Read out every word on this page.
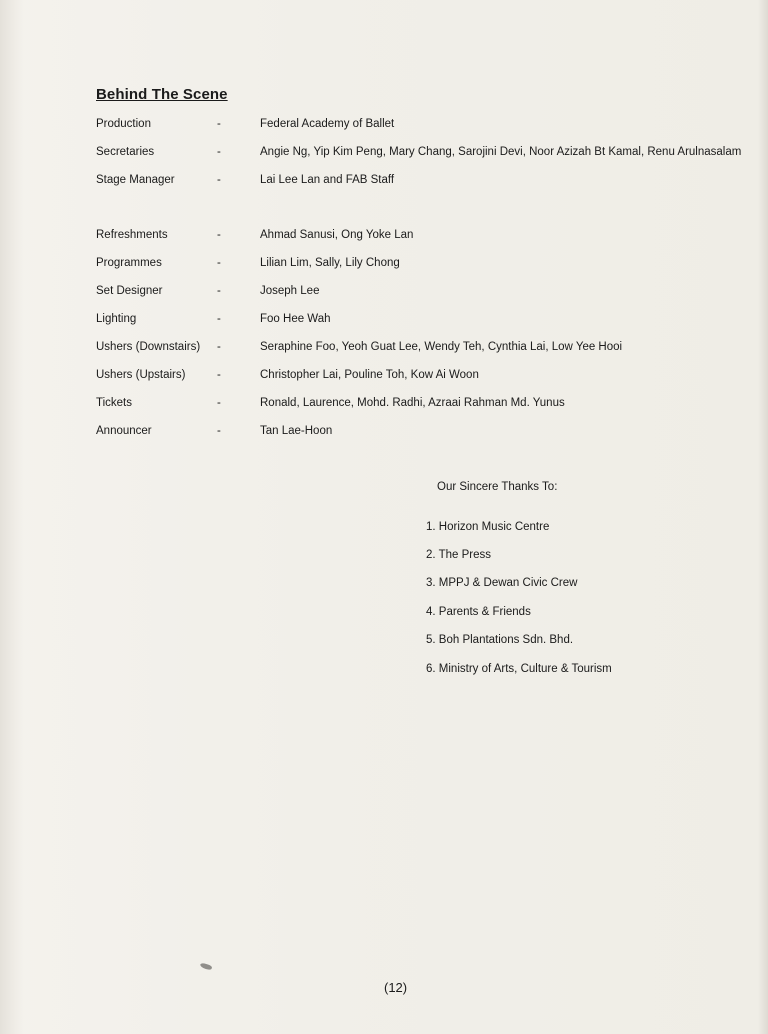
Behind The Scene
Production	-	Federal Academy of Ballet
Secretaries	-	Angie Ng, Yip Kim Peng, Mary Chang, Sarojini Devi, Noor Azizah Bt Kamal, Renu Arulnasalam
Stage Manager	-	Lai Lee Lan and FAB Staff
Refreshments	-	Ahmad Sanusi, Ong Yoke Lan
Programmes	-	Lilian Lim, Sally, Lily Chong
Set Designer	-	Joseph Lee
Lighting	-	Foo Hee Wah
Ushers (Downstairs) -	Seraphine Foo, Yeoh Guat Lee, Wendy Teh, Cynthia Lai, Low Yee Hooi
Ushers (Upstairs)	-	Christopher Lai, Pouline Toh, Kow Ai Woon
Tickets	-	Ronald, Laurence, Mohd. Radhi, Azraai Rahman Md. Yunus
Announcer	-	Tan Lae-Hoon
Our Sincere Thanks To:
1. Horizon Music Centre
2. The Press
3. MPPJ & Dewan Civic Crew
4. Parents & Friends
5. Boh Plantations Sdn. Bhd.
6. Ministry of Arts, Culture & Tourism
(12)
